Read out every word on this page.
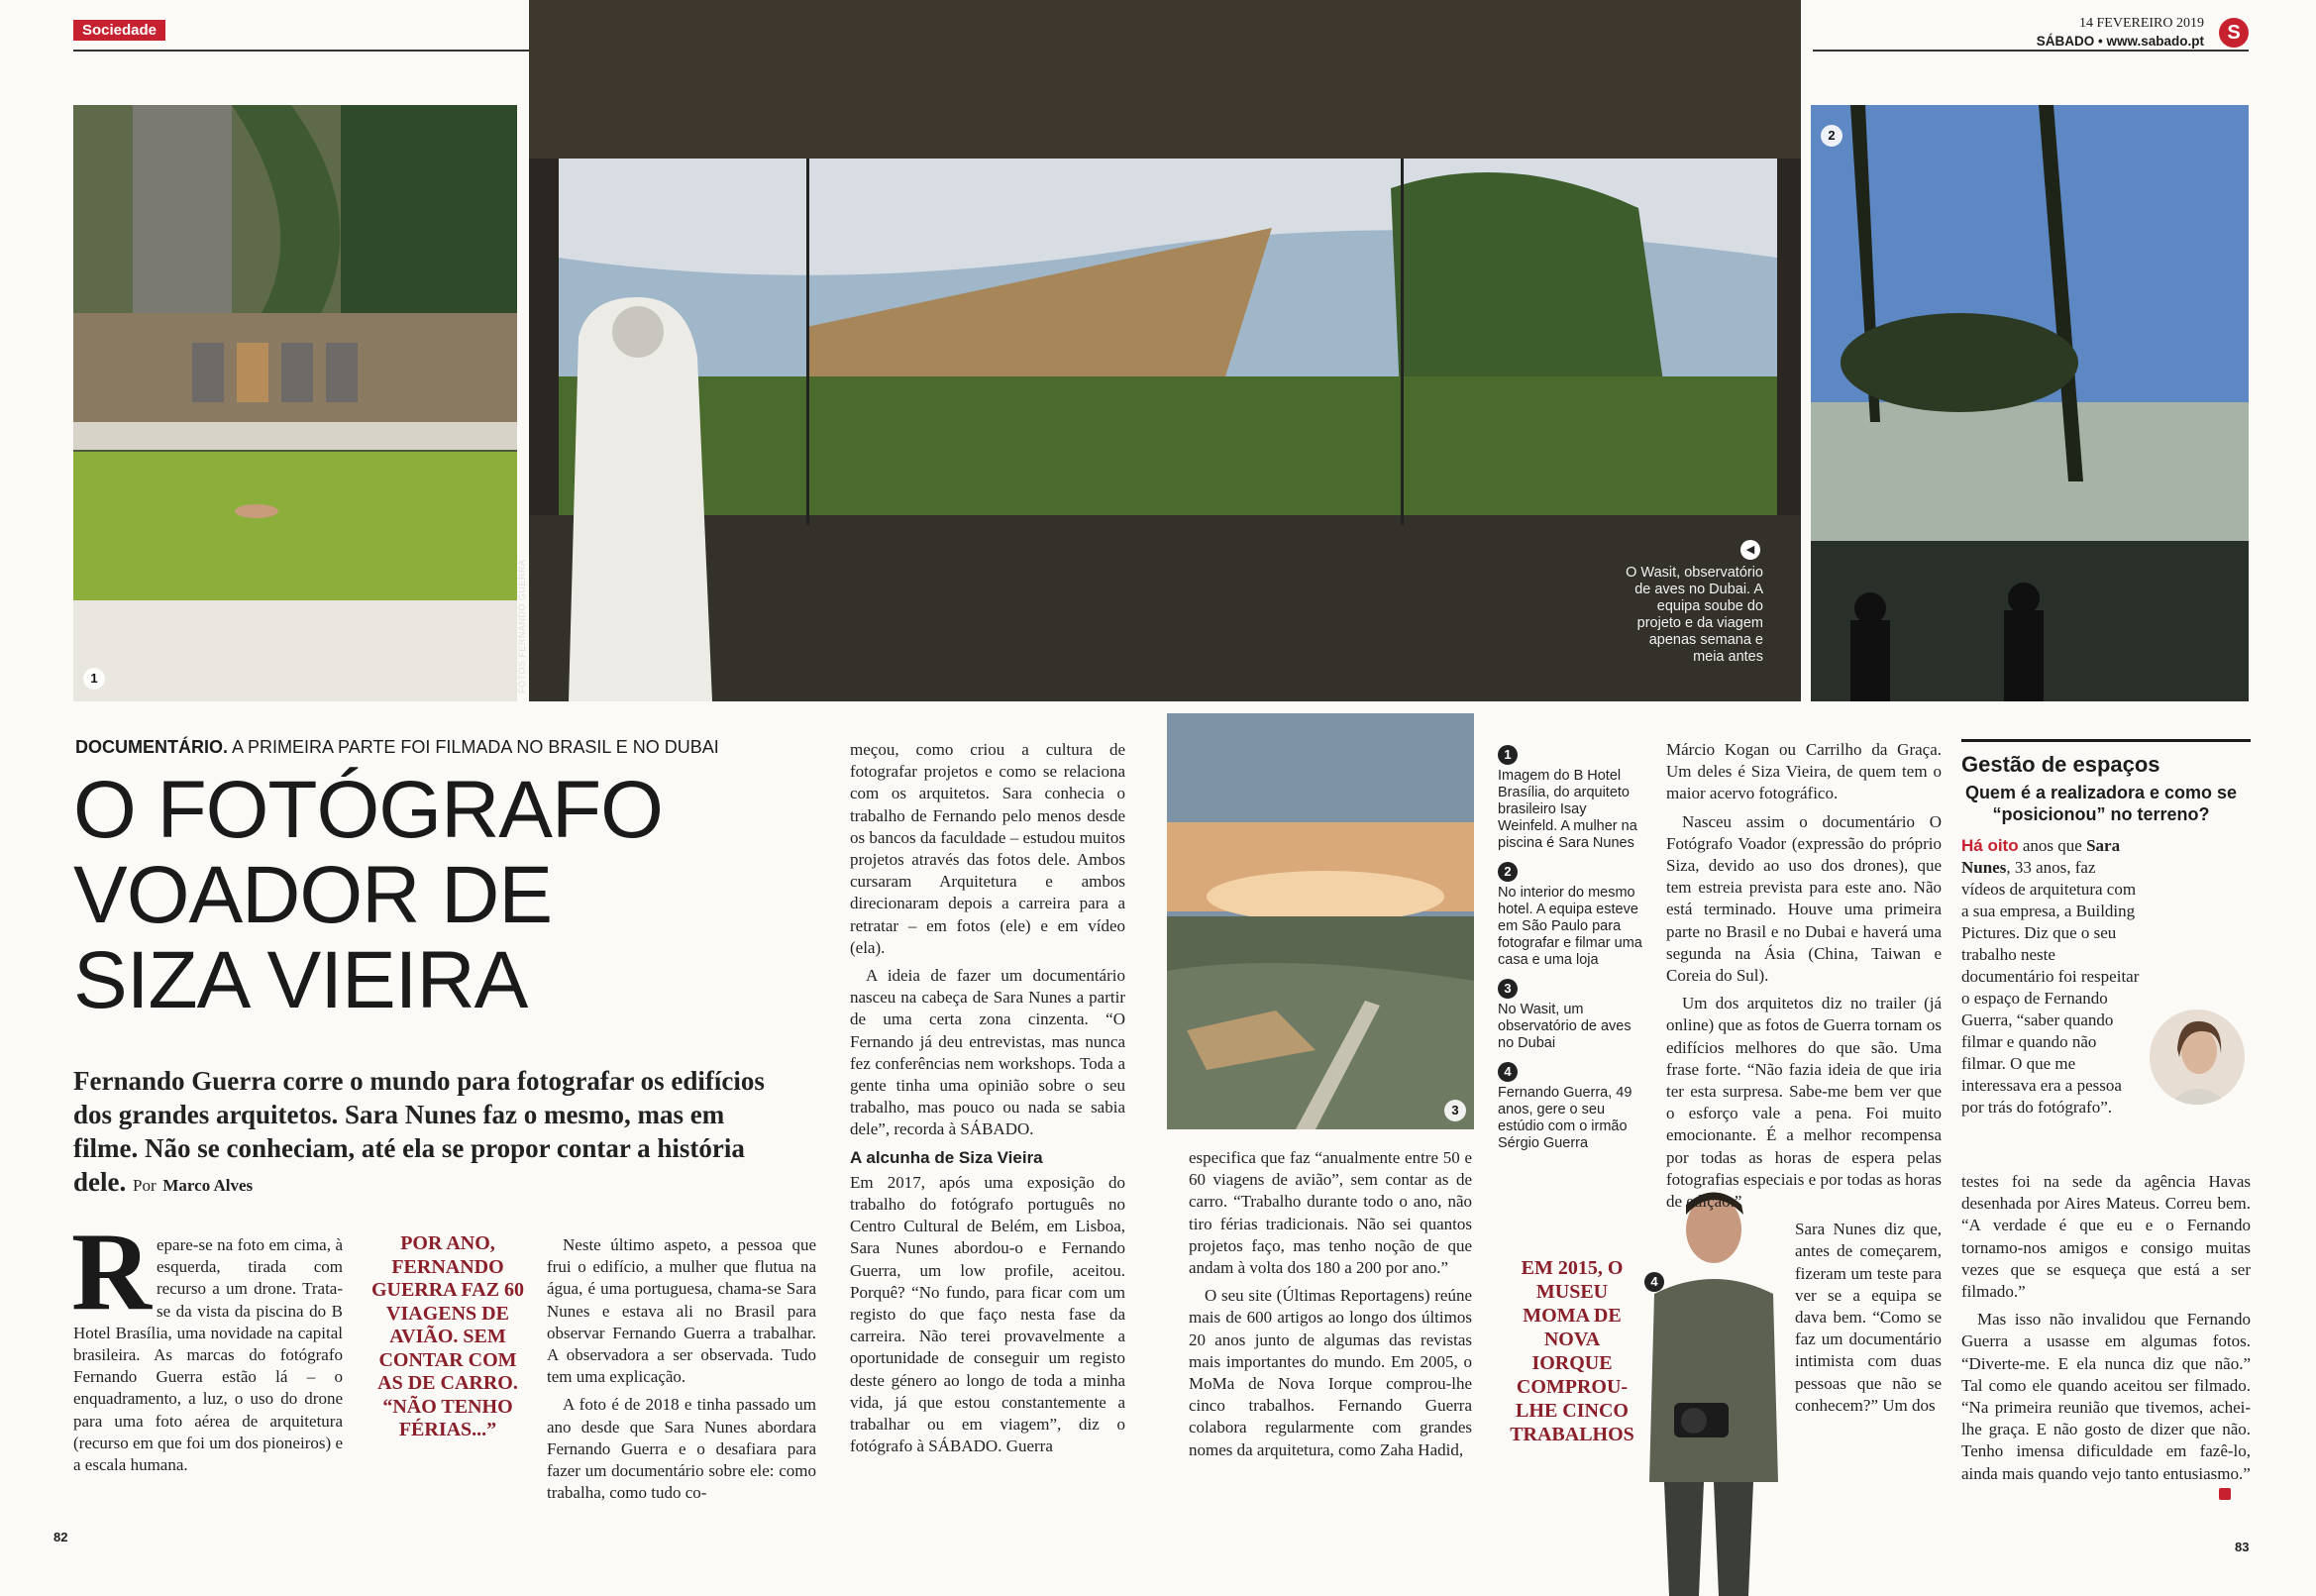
Sociedade	14 FEVEREIRO 2019
SÁBADO • www.sabado.pt	S
1	FOTOS FERNANDO GUERRA	O Wasit, observatório de aves no Dubai. A equipa soube do projeto e da viagem apenas semana e meia antes
◀
2
DOCUMENTÁRIO. A PRIMEIRA PARTE FOI FILMADA NO BRASIL E NO DUBAI
O FOTÓGRAFO
VOADOR DE
SIZA VIEIRA
Fernando Guerra corre o mundo para fotografar os edifícios dos grandes arquitetos. Sara Nunes faz o mesmo, mas em filme. Não se conheciam, até ela se propor contar a história dele. Por Marco Alves
R epare-se na foto em cima, à esquerda, tirada com recurso a um drone. Trata-se da vista da piscina do B Hotel Brasília, uma novidade na capital brasileira. As marcas do fotógrafo Fernando Guerra estão lá – o enquadramento, a luz, o uso do drone para uma foto aérea de arquitetura (recurso em que foi um dos pioneiros) e a escala humana.
POR ANO, FERNANDO GUERRA FAZ 60 VIAGENS DE AVIÃO. SEM CONTAR COM AS DE CARRO. “NÃO TENHO FÉRIAS...”

Neste último aspeto, a pessoa que frui o edifício, a mulher que flutua na água, é uma portuguesa, chama-se Sara Nunes e estava ali no Brasil para observar Fernando Guerra a trabalhar. A observadora a ser observada. Tudo tem uma explicação.

A foto é de 2018 e tinha passado um ano desde que Sara Nunes abordara Fernando Guerra e o desafiara para fazer um documentário sobre ele: como trabalha, como tudo co-

meçou, como criou a cultura de fotografar projetos e como se relaciona com os arquitetos. Sara conhecia o trabalho de Fernando pelo menos desde os bancos da faculdade – estudou muitos projetos através das fotos dele. Ambos cursaram Arquitetura e ambos direcionaram depois a carreira para a retratar – em fotos (ele) e em vídeo (ela).

A ideia de fazer um documentário nasceu na cabeça de Sara Nunes a partir de uma certa zona cinzenta. “O Fernando já deu entrevistas, mas nunca fez conferências nem workshops. Toda a gente tinha uma opinião sobre o seu trabalho, mas pouco ou nada se sabia dele”, recorda à SÁBADO.

A alcunha de Siza Vieira

Em 2017, após uma exposição do trabalho do fotógrafo português no Centro Cultural de Belém, em Lisboa, Sara Nunes abordou-o e Fernando Guerra, um low profile, aceitou. Porquê? “No fundo, para ficar com um registo do que faço nesta fase da carreira. Não terei provavelmente a oportunidade de conseguir um registo deste género ao longo de toda a minha vida, já que estou constantemente a trabalhar ou em viagem”, diz o fotógrafo à SÁBADO. Guerra

3

especifica que faz “anualmente entre 50 e 60 viagens de avião”, sem contar as de carro. “Trabalho durante todo o ano, não tiro férias tradicionais. Não sei quantos projetos faço, mas tenho noção de que andam à volta dos 180 a 200 por ano.”

O seu site (Últimas Reportagens) reúne mais de 600 artigos ao longo dos últimos 20 anos junto de algumas das revistas mais importantes do mundo. Em 2005, o MoMa de Nova Iorque comprou-lhe cinco trabalhos. Fernando Guerra colabora regularmente com grandes nomes da arquitetura, como Zaha Hadid,

1
Imagem do B Hotel Brasília, do arquiteto brasileiro Isay Weinfeld. A mulher na piscina é Sara Nunes
2
No interior do mesmo hotel. A equipa esteve em São Paulo para fotografar e filmar uma casa e uma loja
3
No Wasit, um observatório de aves no Dubai
4
Fernando Guerra, 49 anos, gere o seu estúdio com o irmão Sérgio Guerra
EM 2015, O MUSEU MOMA DE NOVA IORQUE COMPROU-LHE CINCO TRABALHOS
4

Márcio Kogan ou Carrilho da Graça. Um deles é Siza Vieira, de quem tem o maior acervo fotográfico.

Nasceu assim o documentário O Fotógrafo Voador (expressão do próprio Siza, devido ao uso dos drones), que tem estreia prevista para este ano. Não está terminado. Houve uma primeira parte no Brasil e no Dubai e haverá uma segunda na Ásia (China, Taiwan e Coreia do Sul).

Um dos arquitetos diz no trailer (já online) que as fotos de Guerra tornam os edifícios melhores do que são. Uma frase forte. “Não fazia ideia de que iria ter esta surpresa. Sabe-me bem ver que o esforço vale a pena. Foi muito emocionante. É a melhor recompensa por todas as horas de espera pelas fotografias especiais e por todas as horas de edição.”

Sara Nunes diz que, antes de começarem, fizeram um teste para ver se a equipa se dava bem. “Como se faz um documentário intimista com duas pessoas que não se conhecem?” Um dos

Gestão de espaços
Quem é a realizadora e como se “posicionou” no terreno?
Há oito anos que Sara Nunes, 33 anos, faz vídeos de arquitetura com a sua empresa, a Building Pictures. Diz que o seu trabalho neste documentário foi respeitar o espaço de Fernando Guerra, “saber quando filmar e quando não filmar. O que me interessava era a pessoa por trás do fotógrafo”.

testes foi na sede da agência Havas desenhada por Aires Mateus. Correu bem. “A verdade é que eu e o Fernando tornamo-nos amigos e consigo muitas vezes que se esqueça que está a ser filmado.”

Mas isso não invalidou que Fernando Guerra a usasse em algumas fotos. “Diverte-me. E ela nunca diz que não.” Tal como ele quando aceitou ser filmado. “Na primeira reunião que tivemos, achei-lhe graça. E não gosto de dizer que não. Tenho imensa dificuldade em fazê-lo, ainda mais quando vejo tanto entusiasmo.”

82
83
